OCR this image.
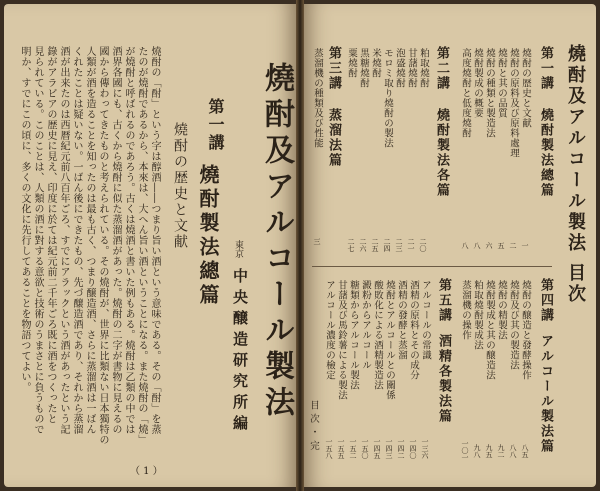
明か、すでにこの頃に、多くの文化に先行してあることを物語つてよい。 見られている。このことは、人類の酒に對する意欲と技術のうまさとに負うもので 錄がアラビアの歴史に見え、印度に於ては紀元前二千年ごろ既に酒をつくったと 酒が出来たのは西暦紀元前八百年ごろ、すでにアラックという酒があったという記 くれたことは疑いない。一ばん後にできたもの、先づ醸造酒であり、それから蒸溜 人類が酒を造ることを知ったのは最も古く、つまり醸造酒、さらに蒸溜酒は一ばん 國から傳わってきたものと考えられている。その燒酎が、世界に比類ない日本獨特の 酒界各國にも、古くから燒酎に似た蒸溜酒があった。燒酎の二字が書物に見えるの が燒酎と呼ばれるのであろう。古くは燒酒と書いた例もある。燒酎は乙類の中では たのが燒酎であるから、本來は、大へん旨い酒ということになる。また燒酎の「燒」 燒酎の「酎」という字は醇酒――つまり旨い酒という意味である。その「酎」を蒸 燒酎の歴史と文献 燒酎製法總篇
第一講
東京
中央醸造研究所編 燒酎及アルコール製法
（ 1 ）
燒酎及アルコール製法 目次
第一講
燒酎製法總篇
燒酎の歴史と文献
燒酎の原料及び原料處理
燒酎と其の品質
燒酎の種類と製造法
燒酎製成の概要
高度燒酎と低度燒酎
一
二
五
六
八
八
第二講
燒酎製法各篇
粕取燒酎
甘藷燒酎
泡盛燒酎
モロミ取り燒酎の製法
米燒酎
黒糖燒酎
粟燒酎
二〇
二一
二三
二四
二五
二六
二七
第三講
蒸溜法篇
蒸溜機の種類及び性能
三
第四講
アルコール製法篇
燒酎の醸造と發酵操作
燒酎及び其の製造法
燒酎の精製法
燒酎製成と其の醸造法
粕取燒酎製成法
蒸溜機の操作
八五
八八
九二
九五
九八
一〇一
第五講
酒精各製法篇
アルコールの常識
酒精の原料とその成分
酒精の發酵と蒸溜
燒酎とアルコールとの關係
酸敗化による酒精製造法
澱粉からアルコール
糖類からアルコール製法
甘藷及び馬鈴薯による製法
アルコール濃度の檢定
一三六
一四〇
一四二
一四三
一四五
一五〇
一五二
一五五
一五八
目 次 ・ 完
